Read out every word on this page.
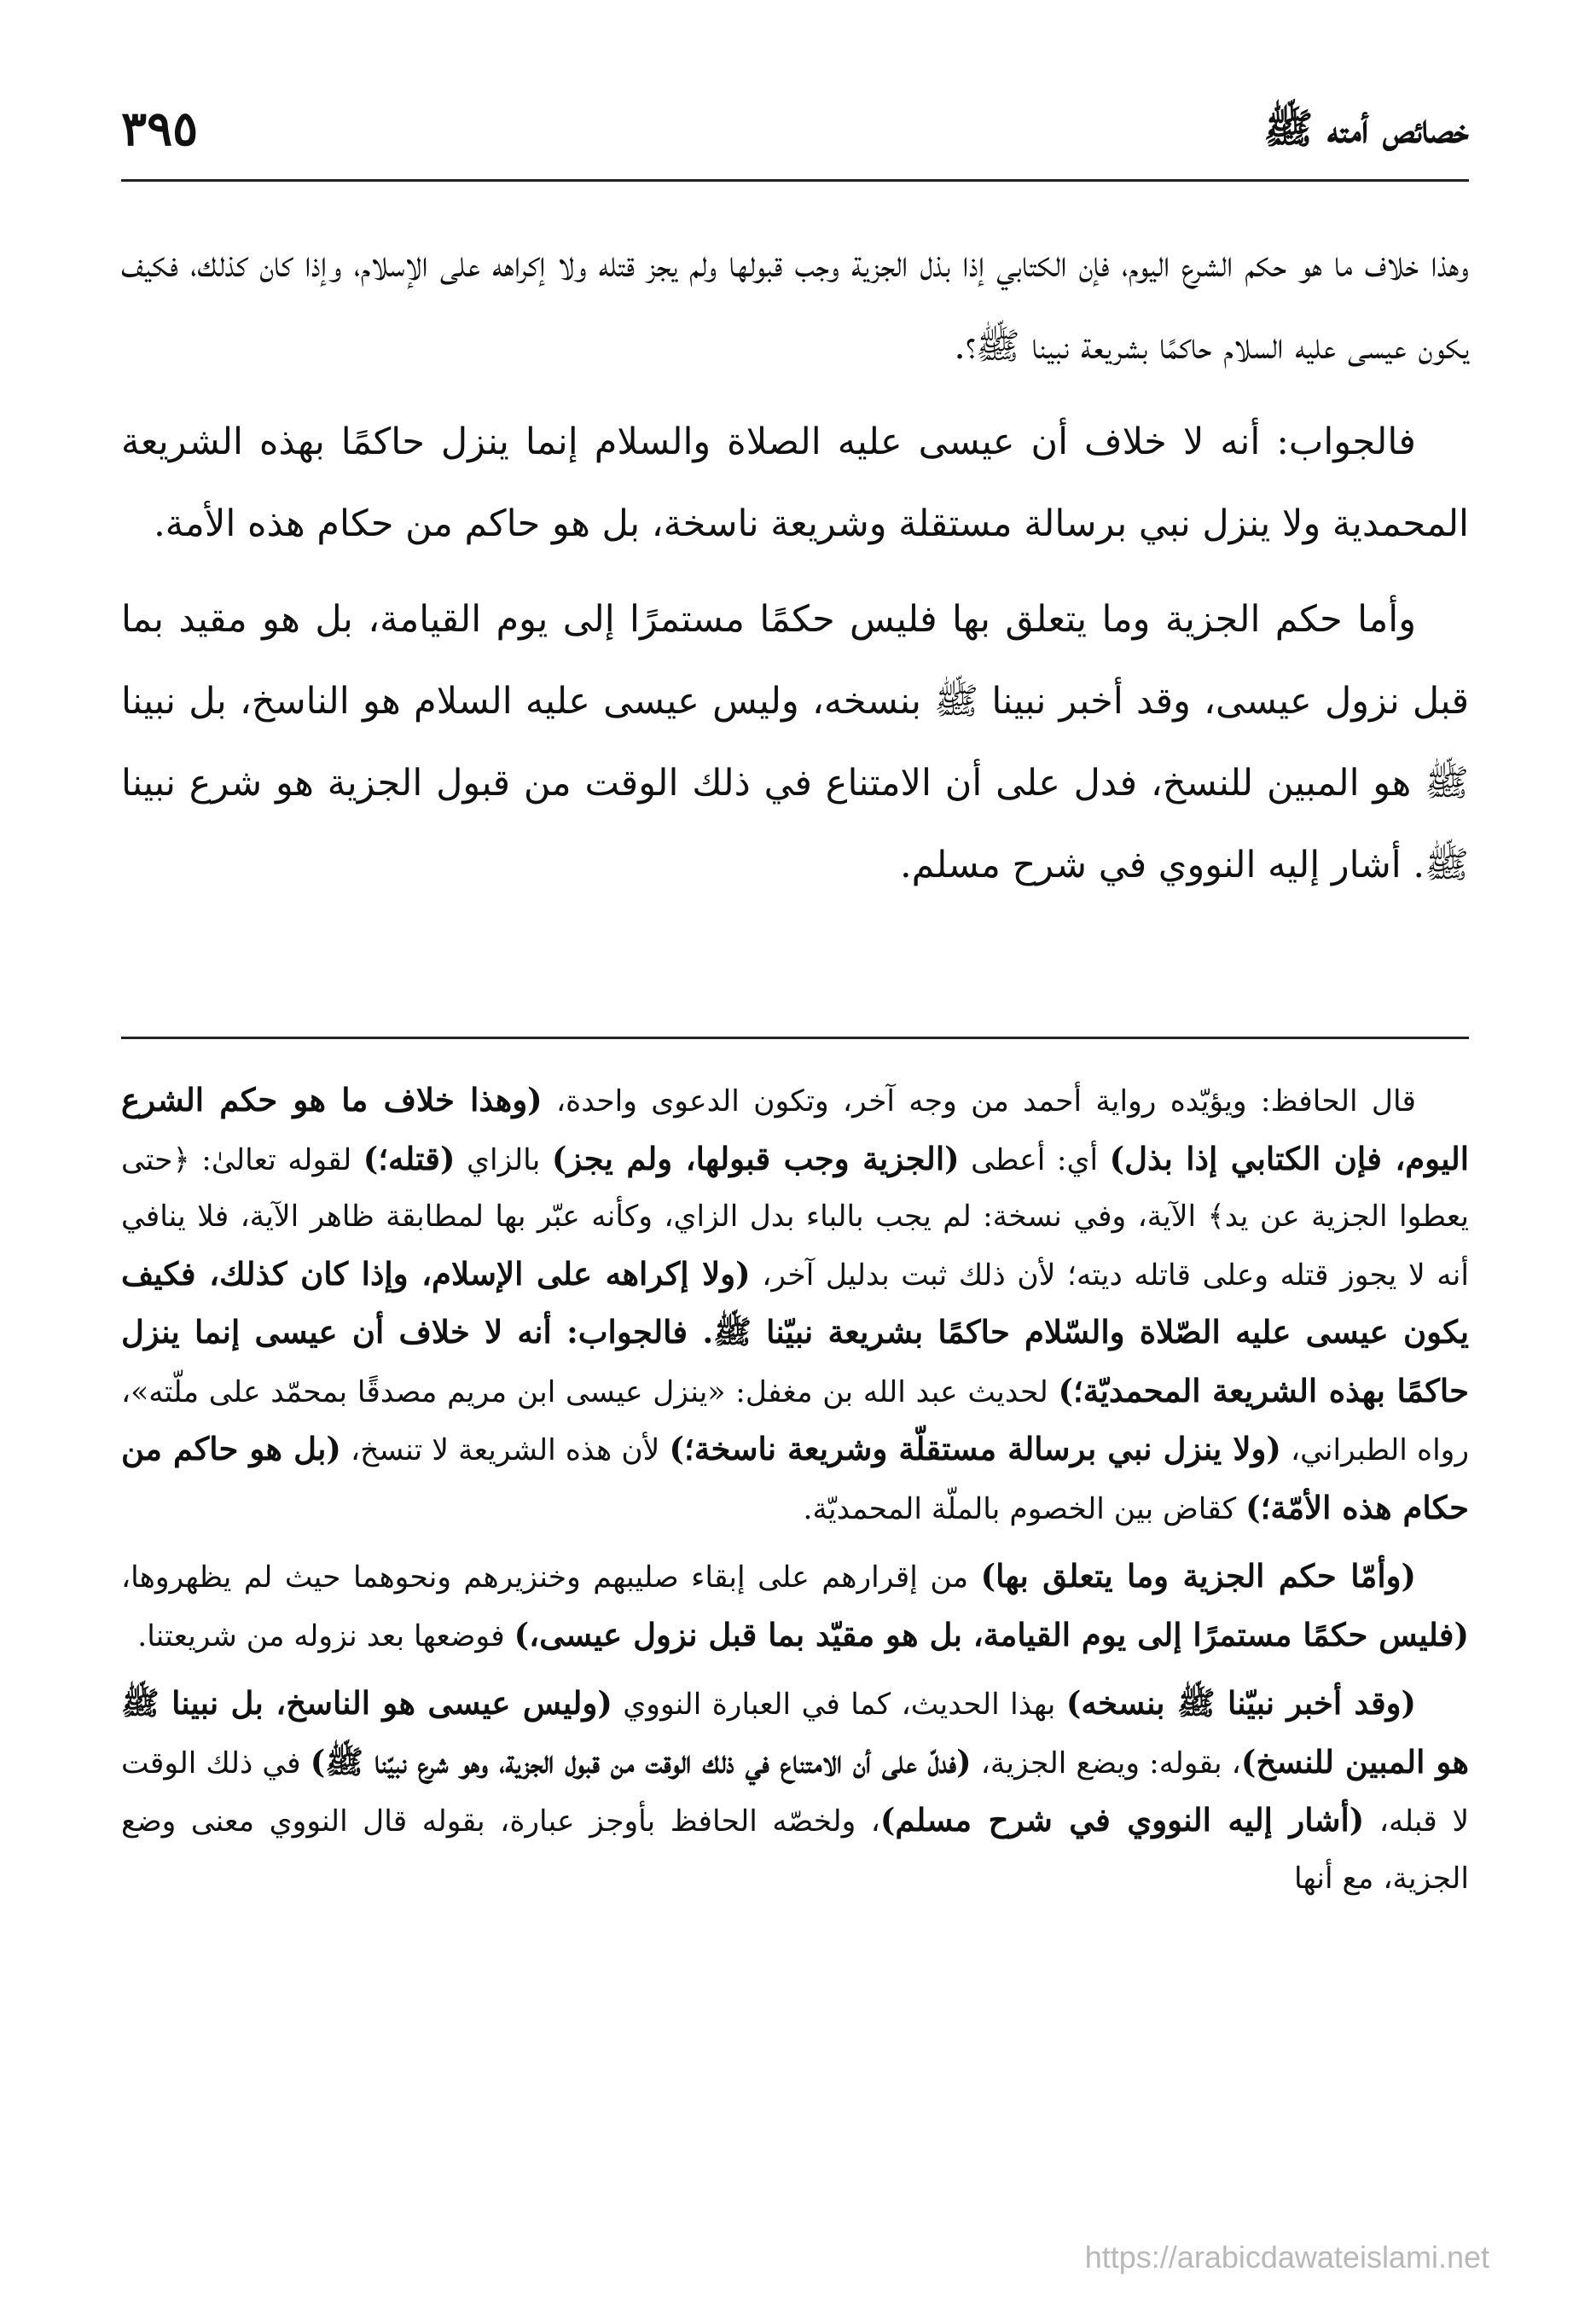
خصائص أمته ﷺ
٣٩٥

وهذا خلاف ما هو حكم الشرع اليوم، فإن الكتابي إذا بذل الجزية وجب قبولها ولم يجز قتله ولا إكراهه على الإسلام، وإذا كان كذلك، فكيف يكون عيسى عليه السلام حاكمًا بشريعة نبينا ﷺ؟.

فالجواب: أنه لا خلاف أن عيسى عليه الصلاة والسلام إنما ينزل حاكمًا بهذه الشريعة المحمدية ولا ينزل نبي برسالة مستقلة وشريعة ناسخة، بل هو حاكم من حكام هذه الأمة.

وأما حكم الجزية وما يتعلق بها فليس حكمًا مستمرًا إلى يوم القيامة، بل هو مقيد بما قبل نزول عيسى، وقد أخبر نبينا ﷺ بنسخه، وليس عيسى عليه السلام هو الناسخ، بل نبينا ﷺ هو المبين للنسخ، فدل على أن الامتناع في ذلك الوقت من قبول الجزية هو شرع نبينا ﷺ. أشار إليه النووي في شرح مسلم.

قال الحافظ: ويؤيّده رواية أحمد من وجه آخر، وتكون الدعوى واحدة، (وهذا خلاف ما هو حكم الشرع اليوم، فإن الكتابي إذا بذل) أي: أعطى (الجزية وجب قبولها، ولم يجز) بالزاي (قتله؛) لقوله تعالىٰ: ﴿حتى يعطوا الجزية عن يد﴾ الآية، وفي نسخة: لم يجب بالباء بدل الزاي، وكأنه عبّر بها لمطابقة ظاهر الآية، فلا ينافي أنه لا يجوز قتله وعلى قاتله ديته؛ لأن ذلك ثبت بدليل آخر، (ولا إكراهه على الإسلام، وإذا كان كذلك، فكيف يكون عيسى عليه الصّلاة والسّلام حاكمًا بشريعة نبيّنا ﷺ. فالجواب: أنه لا خلاف أن عيسى إنما ينزل حاكمًا بهذه الشريعة المحمديّة؛) لحديث عبد الله بن مغفل: «ينزل عيسى ابن مريم مصدقًا بمحمّد على ملّته»، رواه الطبراني، (ولا ينزل نبي برسالة مستقلّة وشريعة ناسخة؛) لأن هذه الشريعة لا تنسخ، (بل هو حاكم من حكام هذه الأمّة؛) كقاض بين الخصوم بالملّة المحمديّة.

(وأمّا حكم الجزية وما يتعلق بها) من إقرارهم على إبقاء صليبهم وخنزيرهم ونحوهما حيث لم يظهروها، (فليس حكمًا مستمرًا إلى يوم القيامة، بل هو مقيّد بما قبل نزول عيسى،) فوضعها بعد نزوله من شريعتنا.

(وقد أخبر نبيّنا ﷺ بنسخه) بهذا الحديث، كما في العبارة النووي (وليس عيسى هو الناسخ، بل نبينا ﷺ هو المبين للنسخ)، بقوله: ويضع الجزية، (فدلّ على أن الامتناع في ذلك الوقت من قبول الجزية، وهو شرع نبيّنا ﷺ) في ذلك الوقت لا قبله، (أشار إليه النووي في شرح مسلم)، ولخصّه الحافظ بأوجز عبارة، بقوله قال النووي معنى وضع الجزية، مع أنها

https://arabicdawateislami.net
